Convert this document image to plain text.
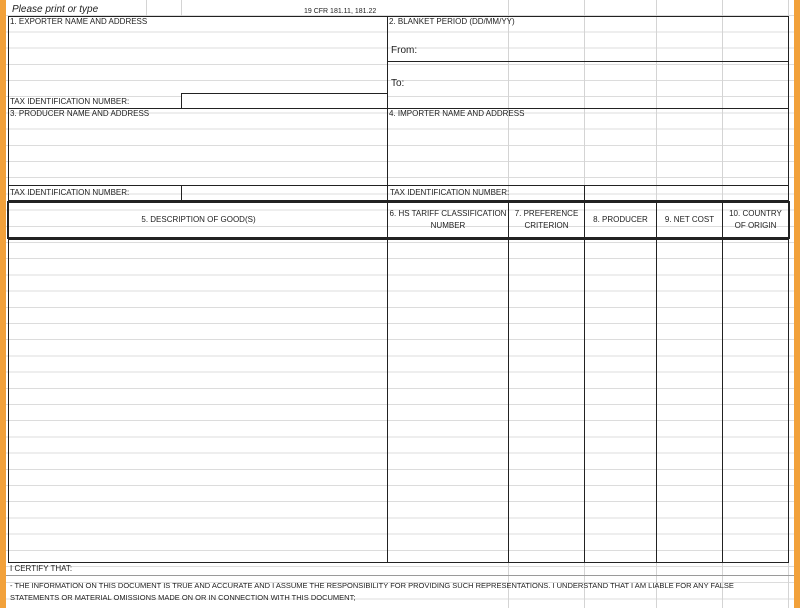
Please print or type	19 CFR 181.11, 181.22
1. EXPORTER NAME AND ADDRESS
TAX IDENTIFICATION NUMBER:
2. BLANKET PERIOD (DD/MM/YY)
From:
To:
3. PRODUCER NAME AND ADDRESS
TAX IDENTIFICATION NUMBER:
4. IMPORTER NAME AND ADDRESS
TAX IDENTIFICATION NUMBER:
5. DESCRIPTION OF GOOD(S)
6. HS TARIFF CLASSIFICATION NUMBER
7. PREFERENCE CRITERION
8. PRODUCER	9. NET COST
10. COUNTRY OF ORIGIN
I CERTIFY THAT:
- THE INFORMATION ON THIS DOCUMENT IS TRUE AND ACCURATE AND I ASSUME THE RESPONSIBILITY FOR PROVIDING SUCH REPRESENTATIONS. I UNDERSTAND THAT I AM LIABLE FOR ANY FALSE STATEMENTS OR MATERIAL OMISSIONS MADE ON OR IN CONNECTION WITH THIS DOCUMENT;
